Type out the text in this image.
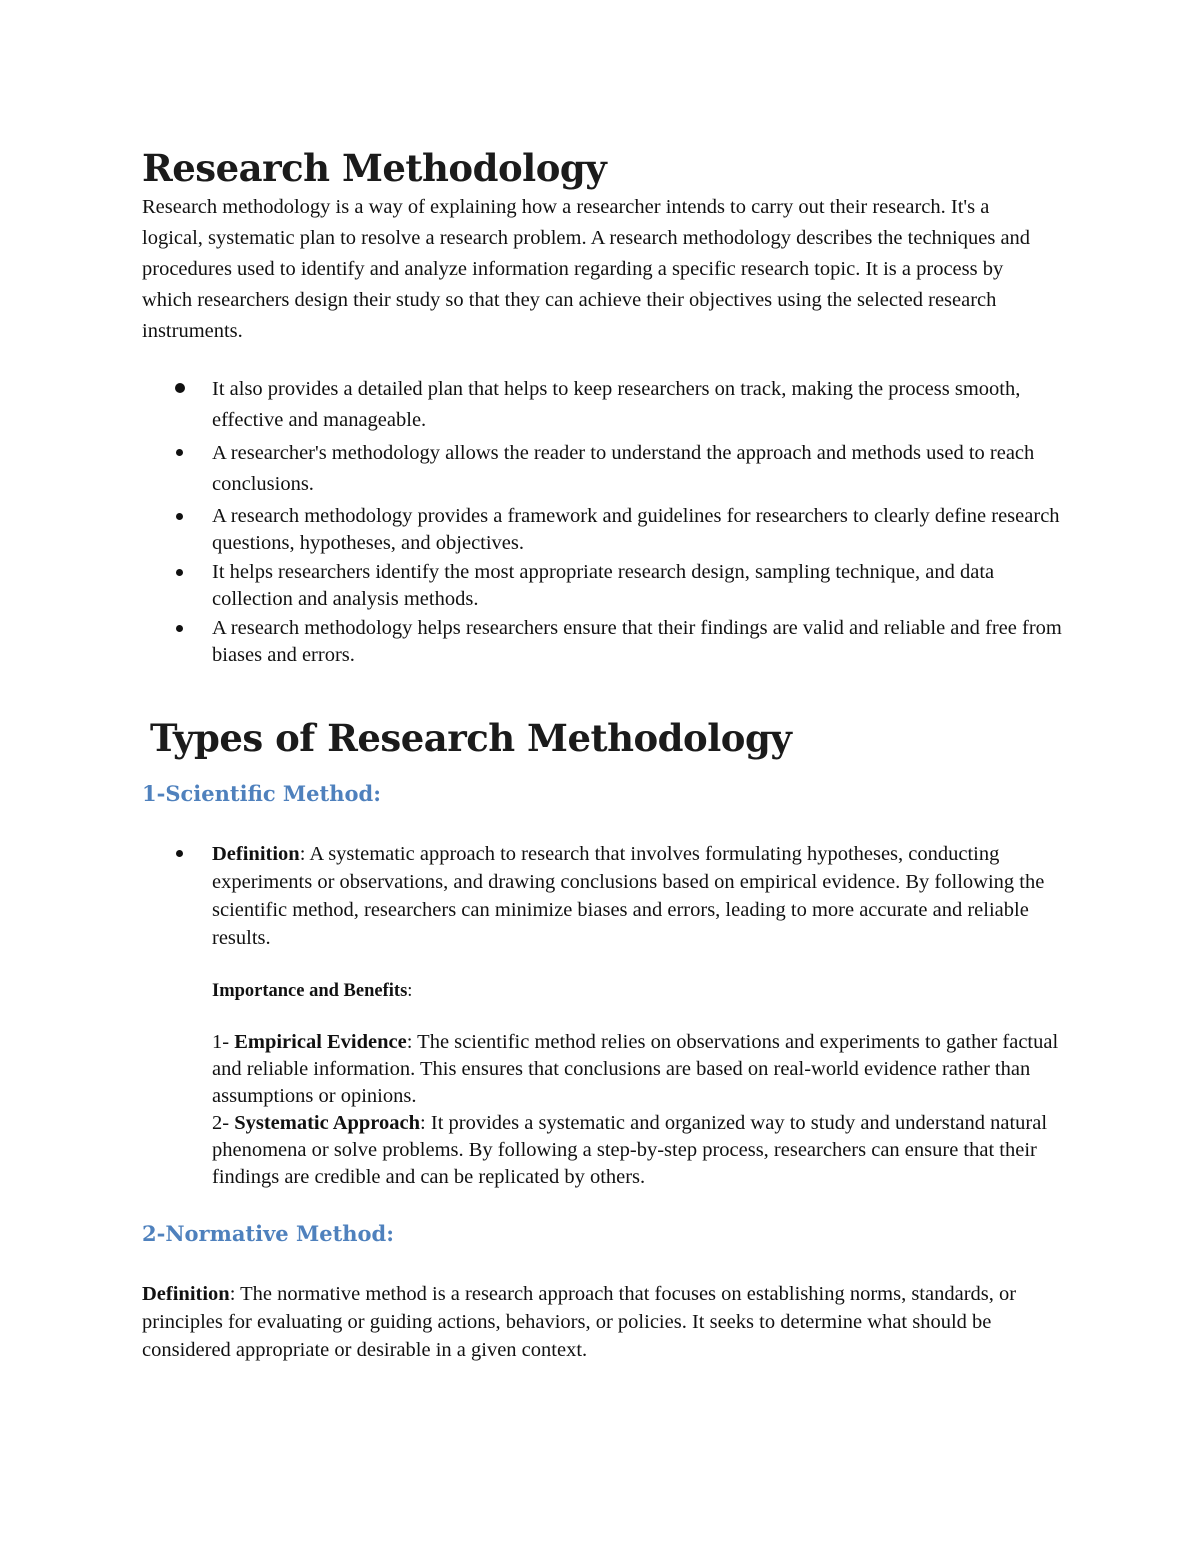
Research Methodology

Research methodology is a way of explaining how a researcher intends to carry out their research. It's a logical, systematic plan to resolve a research problem. A research methodology describes the techniques and procedures used to identify and analyze information regarding a specific research topic. It is a process by which researchers design their study so that they can achieve their objectives using the selected research instruments.

It also provides a detailed plan that helps to keep researchers on track, making the process smooth, effective and manageable.
A researcher's methodology allows the reader to understand the approach and methods used to reach conclusions.
A research methodology provides a framework and guidelines for researchers to clearly define research questions, hypotheses, and objectives.
It helps researchers identify the most appropriate research design, sampling technique, and data collection and analysis methods.
A research methodology helps researchers ensure that their findings are valid and reliable and free from biases and errors.
Types of Research Methodology
1-Scientific Method:
Definition: A systematic approach to research that involves formulating hypotheses, conducting experiments or observations, and drawing conclusions based on empirical evidence. By following the scientific method, researchers can minimize biases and errors, leading to more accurate and reliable results.

Importance and Benefits:

1- Empirical Evidence: The scientific method relies on observations and experiments to gather factual and reliable information. This ensures that conclusions are based on real-world evidence rather than assumptions or opinions.
2- Systematic Approach: It provides a systematic and organized way to study and understand natural phenomena or solve problems. By following a step-by-step process, researchers can ensure that their findings are credible and can be replicated by others.
2-Normative Method:

Definition: The normative method is a research approach that focuses on establishing norms, standards, or principles for evaluating or guiding actions, behaviors, or policies. It seeks to determine what should be considered appropriate or desirable in a given context.
